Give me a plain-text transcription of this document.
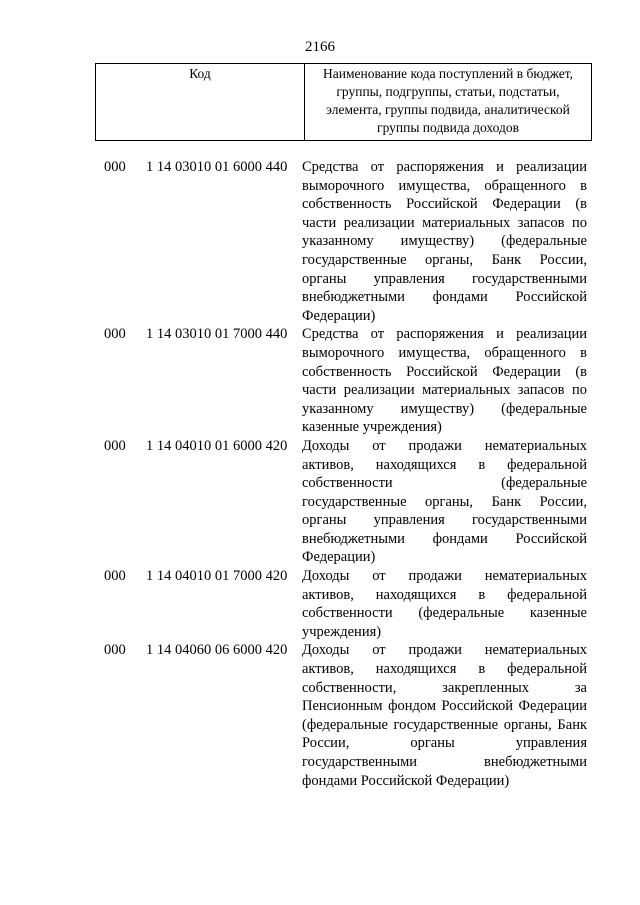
2166
Код	Наименование кода поступлений в бюджет, группы, подгруппы, статьи, подстатьи, элемента, группы подвида, аналитической группы подвида доходов
000 1 14 03010 01 6000 440 Средства от распоряжения и реализации
выморочного имущества, обращенного в
собственность Российской Федерации (в
части реализации материальных запасов по
указанному имуществу) (федеральные
государственные органы, Банк России,
органы управления государственными
внебюджетными фондами Российской
Федерации)
000 1 14 03010 01 7000 440 Средства от распоряжения и реализации
выморочного имущества, обращенного в
собственность Российской Федерации (в
части реализации материальных запасов по
указанному имуществу) (федеральные
казенные учреждения)
000 1 14 04010 01 6000 420 Доходы от продажи нематериальных
активов, находящихся в федеральной
собственности (федеральные
государственные органы, Банк России,
органы управления государственными
внебюджетными фондами Российской
Федерации)
000 1 14 04010 01 7000 420 Доходы от продажи нематериальных
активов, находящихся в федеральной
собственности (федеральные казенные
учреждения)
000 1 14 04060 06 6000 420 Доходы от продажи нематериальных
активов, находящихся в федеральной
собственности, закрепленных за
Пенсионным фондом Российской Федерации
(федеральные государственные органы, Банк
России, органы управления
государственными внебюджетными
фондами Российской Федерации)
